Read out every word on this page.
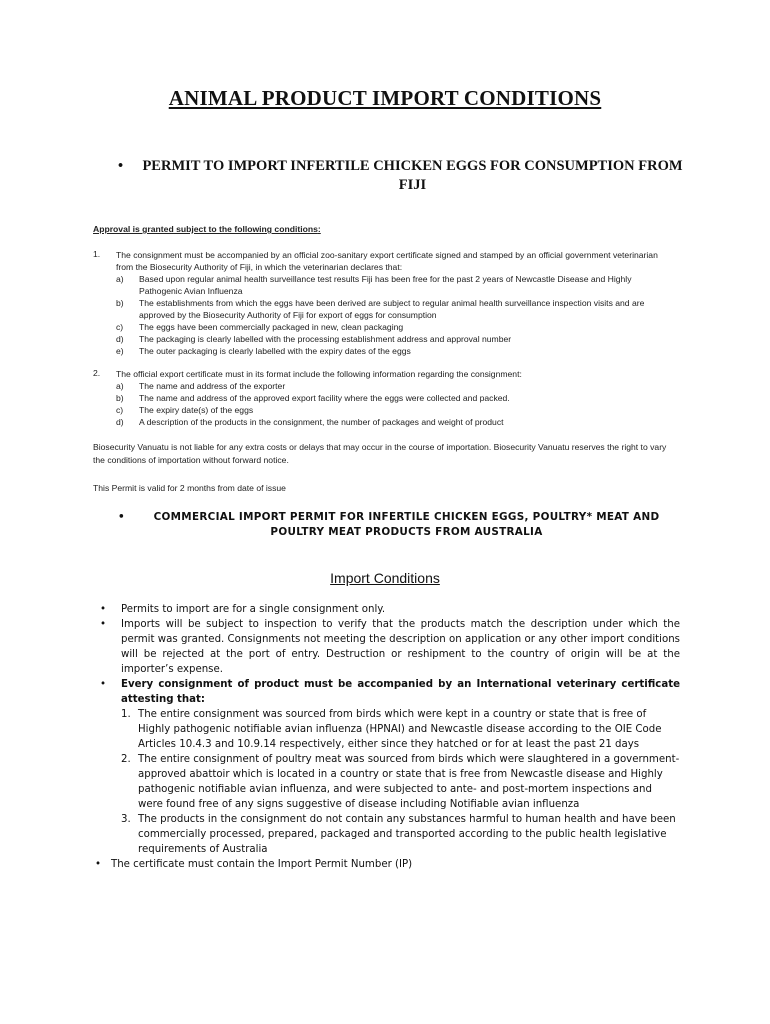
ANIMAL PRODUCT IMPORT CONDITIONS
• PERMIT TO IMPORT INFERTILE CHICKEN EGGS FOR CONSUMPTION FROM FIJI
Approval is granted subject to the following conditions:
1. The consignment must be accompanied by an official zoo-sanitary export certificate signed and stamped by an official government veterinarian from the Biosecurity Authority of Fiji, in which the veterinarian declares that:
a) Based upon regular animal health surveillance test results Fiji has been free for the past 2 years of Newcastle Disease and Highly Pathogenic Avian Influenza
b) The establishments from which the eggs have been derived are subject to regular animal health surveillance inspection visits and are approved by the Biosecurity Authority of Fiji for export of eggs for consumption
c) The eggs have been commercially packaged in new, clean packaging
d) The packaging is clearly labelled with the processing establishment address and approval number
e) The outer packaging is clearly labelled with the expiry dates of the eggs
2. The official export certificate must in its format include the following information regarding the consignment:
a) The name and address of the exporter
b) The name and address of the approved export facility where the eggs were collected and packed.
c) The expiry date(s) of the eggs
d) A description of the products in the consignment, the number of packages and weight of product
Biosecurity Vanuatu is not liable for any extra costs or delays that may occur in the course of importation. Biosecurity Vanuatu reserves the right to vary the conditions of importation without forward notice.
This Permit is valid for 2 months from date of issue
•	COMMERCIAL IMPORT PERMIT FOR INFERTILE CHICKEN EGGS, POULTRY* MEAT AND POULTRY MEAT PRODUCTS FROM AUSTRALIA
Import Conditions
• Permits to import are for a single consignment only.
• Imports will be subject to inspection to verify that the products match the description under which the permit was granted. Consignments not meeting the description on application or any other import conditions will be rejected at the port of entry. Destruction or reshipment to the country of origin will be at the importer’s expense.
• Every consignment of product must be accompanied by an International veterinary certificate attesting that:
1. The entire consignment was sourced from birds which were kept in a country or state that is free of Highly pathogenic notifiable avian influenza (HPNAI) and Newcastle disease according to the OIE Code Articles 10.4.3 and 10.9.14 respectively, either since they hatched or for at least the past 21 days
2. The entire consignment of poultry meat was sourced from birds which were slaughtered in a government-approved abattoir which is located in a country or state that is free from Newcastle disease and Highly pathogenic notifiable avian influenza, and were subjected to ante- and post-mortem inspections and were found free of any signs suggestive of disease including Notifiable avian influenza
3. The products in the consignment do not contain any substances harmful to human health and have been commercially processed, prepared, packaged and transported according to the public health legislative requirements of Australia
• The certificate must contain the Import Permit Number (IP)
